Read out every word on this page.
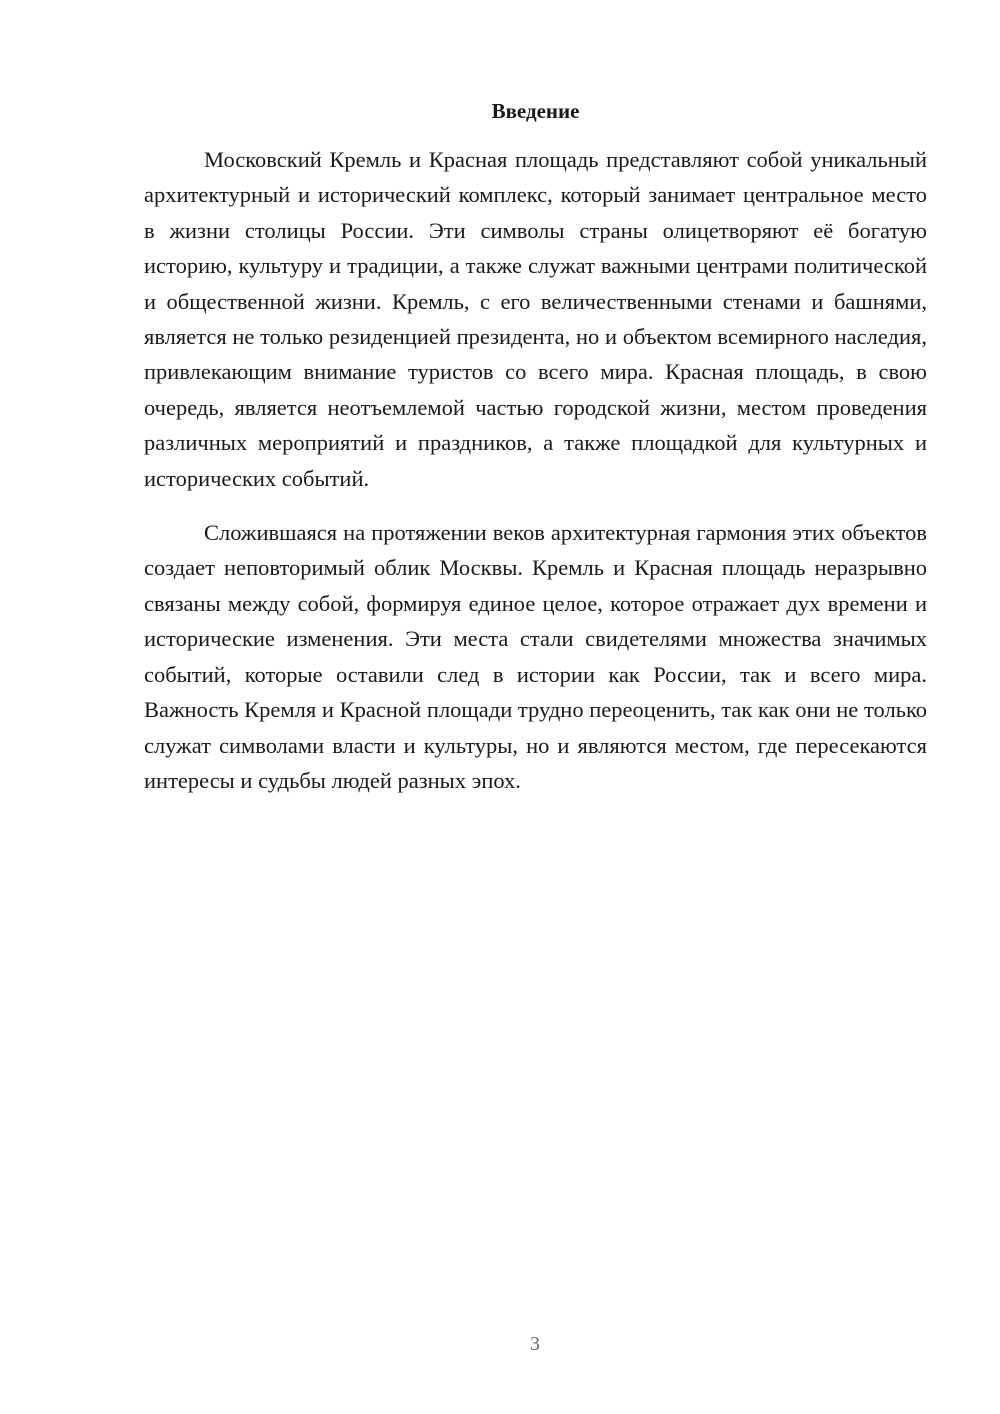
Введение

Московский Кремль и Красная площадь представляют собой уникальный архитектурный и исторический комплекс, который занимает центральное место в жизни столицы России. Эти символы страны олицетворяют её богатую историю, культуру и традиции, а также служат важными центрами политической и общественной жизни. Кремль, с его величественными стенами и башнями, является не только резиденцией президента, но и объектом всемирного наследия, привлекающим внимание туристов со всего мира. Красная площадь, в свою очередь, является неотъемлемой частью городской жизни, местом проведения различных мероприятий и праздников, а также площадкой для культурных и исторических событий.

Сложившаяся на протяжении веков архитектурная гармония этих объектов создает неповторимый облик Москвы. Кремль и Красная площадь неразрывно связаны между собой, формируя единое целое, которое отражает дух времени и исторические изменения. Эти места стали свидетелями множества значимых событий, которые оставили след в истории как России, так и всего мира. Важность Кремля и Красной площади трудно переоценить, так как они не только служат символами власти и культуры, но и являются местом, где пересекаются интересы и судьбы людей разных эпох.

3
